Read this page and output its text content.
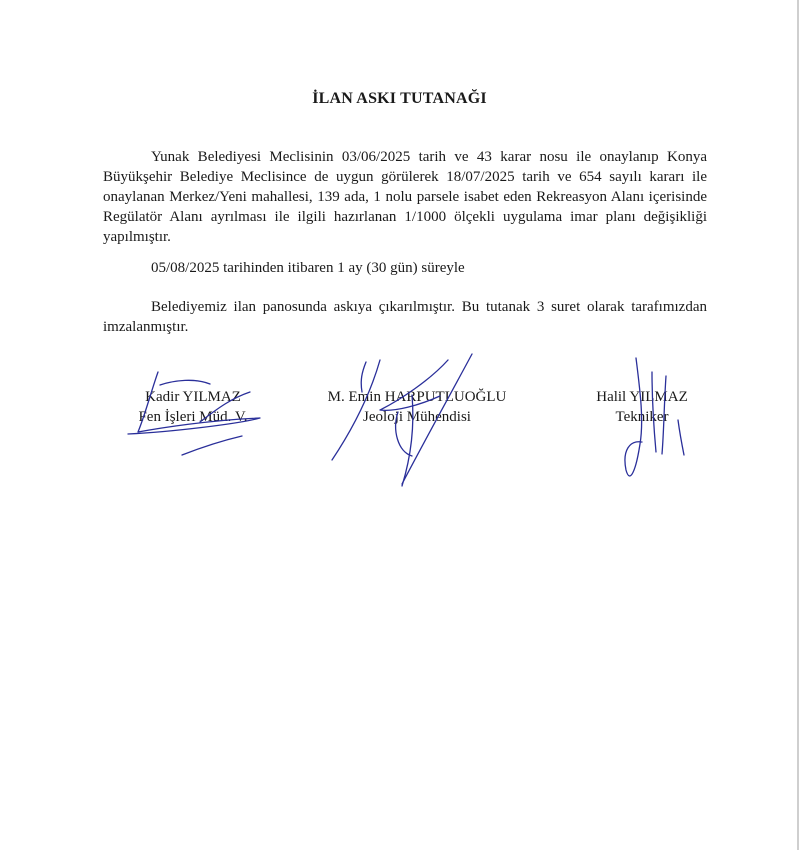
İLAN ASKI TUTANAĞI

Yunak Belediyesi Meclisinin 03/06/2025 tarih ve 43 karar nosu ile onaylanıp Konya Büyükşehir Belediye Meclisince de uygun görülerek 18/07/2025 tarih ve 654 sayılı kararı ile onaylanan Merkez/Yeni mahallesi, 139 ada, 1 nolu parsele isabet eden Rekreasyon Alanı içerisinde Regülatör Alanı ayrılması ile ilgili hazırlanan 1/1000 ölçekli uygulama imar planı değişikliği yapılmıştır.

05/08/2025 tarihinden itibaren 1 ay (30 gün) süreyle

Belediyemiz ilan panosunda askıya çıkarılmıştır. Bu tutanak 3 suret olarak tarafımızdan imzalanmıştır.

Kadir YILMAZ
Fen İşleri Müd. V.
M. Emin HARPUTLUOĞLU
Jeoloji Mühendisi
Halil YILMAZ
Tekniker
